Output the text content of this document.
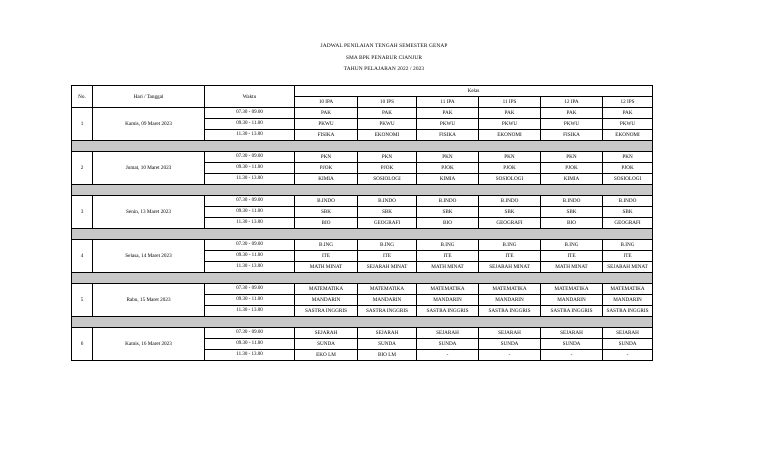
JADWAL PENILAIAN TENGAH SEMESTER GENAP
SMA BPK PENABUR CIANJUR
TAHUN PELAJARAN 2022 / 2023
No.	Hari / Tanggal	Waktu	Kelas					
			10 IPA	10 IPS	11 IPA	11 IPS	12 IPA	12 IPS
1	Kamis, 09 Maret 2023	07.30 - 09.00	PAK	PAK	PAK	PAK	PAK	PAK
		09.30 - 11.00	PKWU	PKWU	PKWU	PKWU	PKWU	PKWU
		11.30 - 13.00	FISIKA	EKONOMI	FISIKA	EKONOMI	FISIKA	EKONOMI

2	Jumat, 10 Maret 2023	07.30 - 09.00	PKN	PKN	PKN	PKN	PKN	PKN
		09.30 - 11.00	PJOK	PJOK	PJOK	PJOK	PJOK	PJOK
		11.30 - 13.00	KIMIA	SOSIOLOGI	KIMIA	SOSIOLOGI	KIMIA	SOSIOLOGI

3	Senin, 13 Maret 2023	07.30 - 09.00	B.INDO	B.INDO	B.INDO	B.INDO	B.INDO	B.INDO
		09.30 - 11.00	SBK	SBK	SBK	SBK	SBK	SBK
		11.30 - 13.00	BIO	GEOGRAFI	BIO	GEOGRAFI	BIO	GEOGRAFI

4	Selasa, 14 Maret 2023	07.30 - 09.00	B.ING	B.ING	B.ING	B.ING	B.ING	B.ING
		09.30 - 11.00	ITE	ITE	ITE	ITE	ITE	ITE
		11.30 - 13.00	MATH MINAT	SEJARAH MINAT	MATH MINAT	SEJARAH MINAT	MATH MINAT	SEJARAH MINAT

5	Rabu, 15 Maret 2023	07.30 - 09.00	MATEMATIKA	MATEMATIKA	MATEMATIKA	MATEMATIKA	MATEMATIKA	MATEMATIKA
		09.30 - 11.00	MANDARIN	MANDARIN	MANDARIN	MANDARIN	MANDARIN	MANDARIN
		11.30 - 13.00	SASTRA INGGRIS	SASTRA INGGRIS	SASTRA INGGRIS	SASTRA INGGRIS	SASTRA INGGRIS	SASTRA INGGRIS

6	Kamis, 16 Maret 2023	07.30 - 09.00	SEJARAH	SEJARAH	SEJARAH	SEJARAH	SEJARAH	SEJARAH
		09.30 - 11.00	SUNDA	SUNDA	SUNDA	SUNDA	SUNDA	SUNDA
		11.30 - 13.00	EKO LM	BIO LM	-	-	-	-
